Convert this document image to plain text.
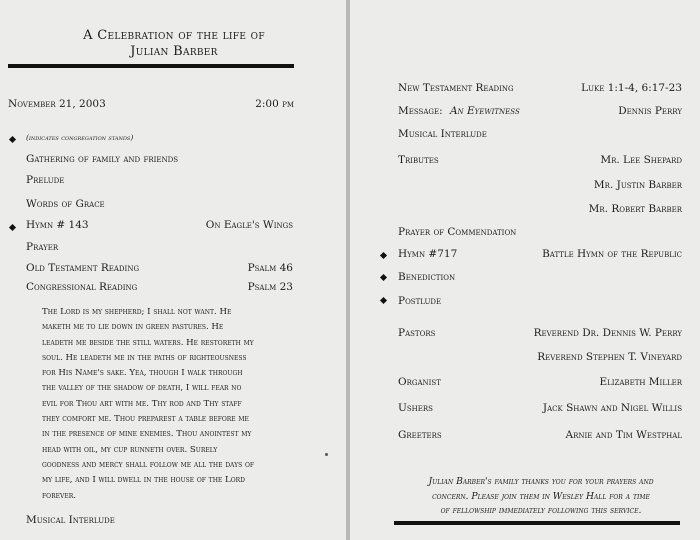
A Celebration of the life of
Julian Barber
November 21, 2003	2:00 pm
(indicates congregation stands)
Gathering of family and friends
Prelude
Words of Grace
Hymn # 143	On Eagle's Wings
Prayer
Old Testament Reading	Psalm 46
Congressional Reading	Psalm 23
The Lord is my shepherd; I shall not want. He
maketh me to lie down in green pastures. He
leadeth me beside the still waters. He restoreth my
soul. He leadeth me in the paths of righteousness
for His Name's sake. Yea, though I walk through
the valley of the shadow of death, I will fear no
evil for Thou art with me. Thy rod and Thy staff
they comfort me. Thou preparest a table before me
in the presence of mine enemies. Thou anointest my
head with oil, my cup runneth over. Surely
goodness and mercy shall follow me all the days of
my life, and I will dwell in the house of the Lord
forever.
Musical Interlude
New Testament Reading	Luke 1:1-4, 6:17-23
Message: An Eyewitness	Dennis Perry
Musical Interlude
Tributes	Mr. Lee Shepard
Mr. Justin Barber
Mr. Robert Barber
Prayer of Commendation
Hymn #717	Battle Hymn of the Republic
Benediction
Postlude
Pastors	Reverend Dr. Dennis W. Perry
Reverend Stephen T. Vineyard
Organist	Elizabeth Miller
Ushers	Jack Shawn and Nigel Willis
Greeters	Arnie and Tim Westphal
Julian Barber's family thanks you for your prayers and
concern. Please join them in Wesley Hall for a time
of fellowship immediately following this service.
